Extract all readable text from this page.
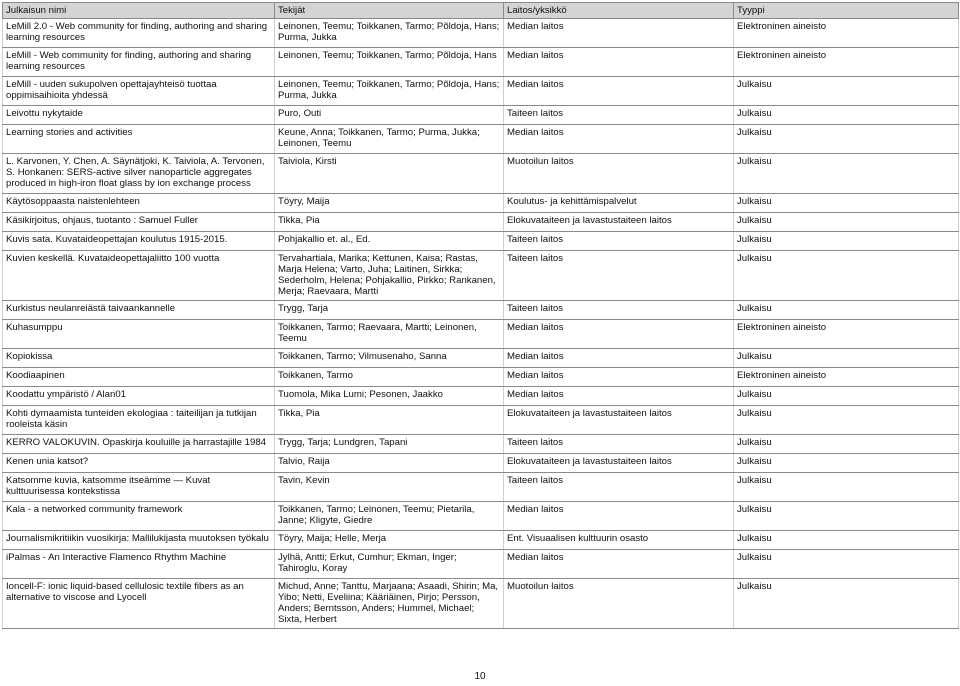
Julkaisun nimi	Tekijät	Laitos/yksikkö	Tyyppi
LeMill 2.0 - Web community for finding, authoring and sharing learning resources	Leinonen, Teemu; Toikkanen, Tarmo; Põldoja, Hans; Purma, Jukka	Median laitos	Elektroninen aineisto
LeMill - Web community for finding, authoring and sharing learning resources	Leinonen, Teemu; Toikkanen, Tarmo; Põldoja, Hans	Median laitos	Elektroninen aineisto
LeMill - uuden sukupolven opettajayhteisö tuottaa oppimisaihioita yhdessä	Leinonen, Teemu; Toikkanen, Tarmo; Põldoja, Hans; Purma, Jukka	Median laitos	Julkaisu
Leivottu nykytaide	Puro, Outi	Taiteen laitos	Julkaisu
Learning stories and activities	Keune, Anna; Toikkanen, Tarmo; Purma, Jukka; Leinonen, Teemu	Median laitos	Julkaisu
L. Karvonen, Y. Chen, A. Säynätjoki, K. Taiviola, A. Tervonen, S. Honkanen: SERS-active silver nanoparticle aggregates produced in high-iron float glass by ion exchange process	Taiviola, Kirsti	Muotoilun laitos	Julkaisu
Käytösoppaasta naistenlehteen	Töyry, Maija	Koulutus- ja kehittämispalvelut	Julkaisu
Käsikirjoitus, ohjaus, tuotanto : Samuel Fuller	Tikka, Pia	Elokuvataiteen ja lavastustaiteen laitos	Julkaisu
Kuvis sata. Kuvataideopettajan koulutus 1915-2015.	Pohjakallio et. al., Ed.	Taiteen laitos	Julkaisu
Kuvien keskellä. Kuvataideopettajaliitto 100 vuotta	Tervahartiala, Marika; Kettunen, Kaisa; Rastas, Marja Helena; Varto, Juha; Laitinen, Sirkka; Sederholm, Helena; Pohjakallio, Pirkko; Rankanen, Merja; Raevaara, Martti	Taiteen laitos	Julkaisu
Kurkistus neulanreiästä taivaankannelle	Trygg, Tarja	Taiteen laitos	Julkaisu
Kuhasumppu	Toikkanen, Tarmo; Raevaara, Martti; Leinonen, Teemu	Median laitos	Elektroninen aineisto
Kopiokissa	Toikkanen, Tarmo; Vilmusenaho, Sanna	Median laitos	Julkaisu
Koodiaapinen	Toikkanen, Tarmo	Median laitos	Elektroninen aineisto
Koodattu ympäristö / Alan01	Tuomola, Mika Lumi; Pesonen, Jaakko	Median laitos	Julkaisu
Kohti dymaamista tunteiden ekologiaa : taiteilijan ja tutkijan rooleista käsin	Tikka, Pia	Elokuvataiteen ja lavastustaiteen laitos	Julkaisu
KERRO VALOKUVIN. Opaskirja kouluille ja harrastajille 1984	Trygg, Tarja; Lundgren, Tapani	Taiteen laitos	Julkaisu
Kenen unia katsot?	Talvio, Raija	Elokuvataiteen ja lavastustaiteen laitos	Julkaisu
Katsomme kuvia, katsomme itseämme — Kuvat kulttuurisessa kontekstissa	Tavin, Kevin	Taiteen laitos	Julkaisu
Kala - a networked community framework	Toikkanen, Tarmo; Leinonen, Teemu; Pietarila, Janne; Kligyte, Giedre	Median laitos	Julkaisu
Journalismikritiikin vuosikirja: Mallilukijasta muutoksen työkalu	Töyry, Maija; Helle, Merja	Ent. Visuaalisen kulttuurin osasto	Julkaisu
iPalmas - An Interactive Flamenco Rhythm Machine	Jylhä, Antti; Erkut, Cumhur; Ekman, Inger; Tahiroglu, Koray	Median laitos	Julkaisu
Ioncell-F: ionic liquid-based cellulosic textile fibers as an alternative to viscose and Lyocell	Michud, Anne; Tanttu, Marjaana; Asaadi, Shirin; Ma, Yibo; Netti, Eveliina; Kääriäinen, Pirjo; Persson, Anders; Berntsson, Anders; Hummel, Michael; Sixta, Herbert	Muotoilun laitos	Julkaisu
10
